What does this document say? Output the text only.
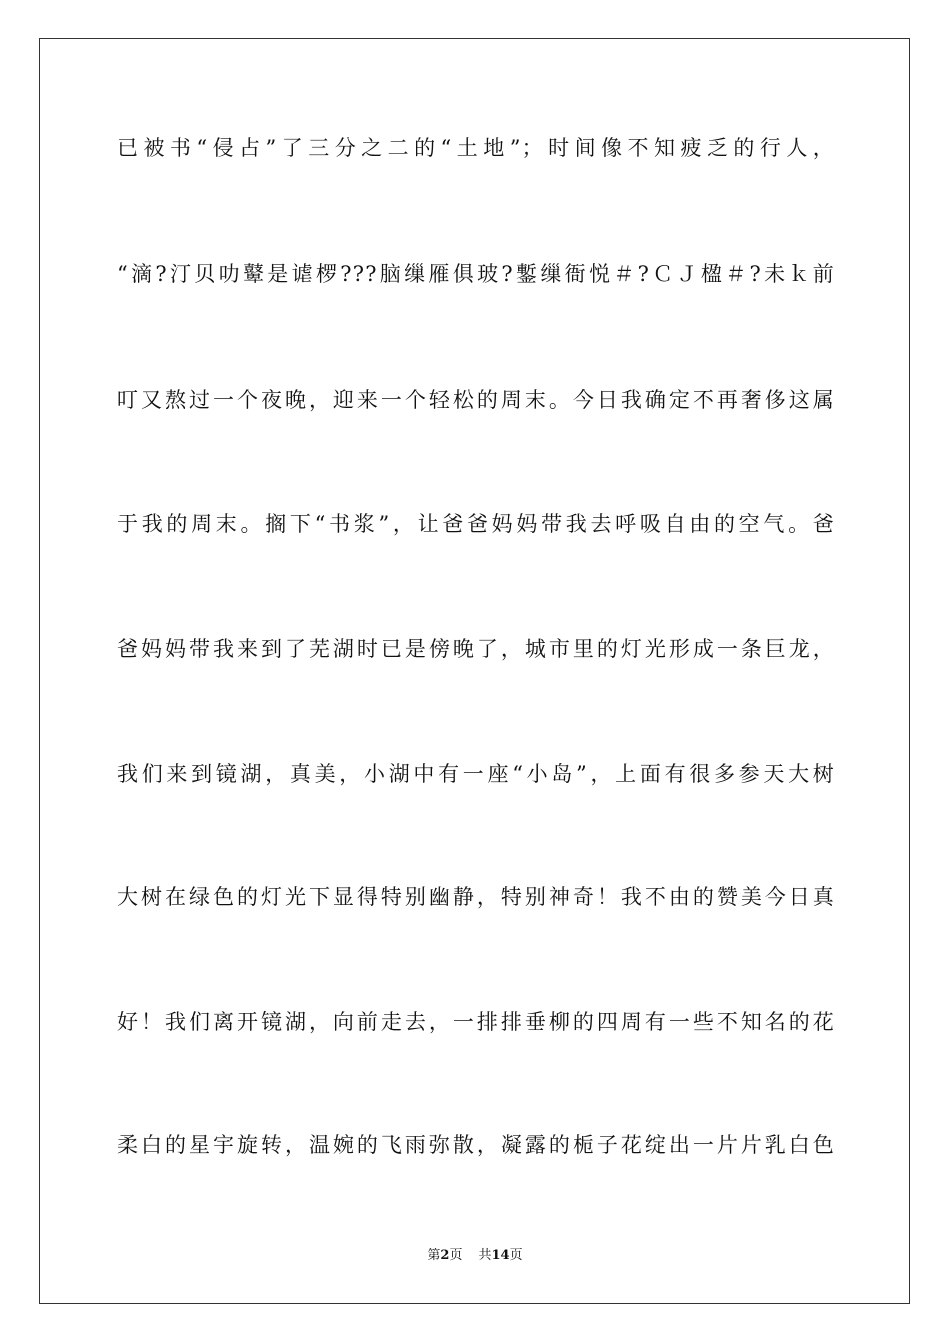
已被书“侵占”了三分之二的“土地”；时间像不知疲乏的行人，
“滴?汀贝叻鼙是谑椤???脑缫雁俱玻?鏨缫衙悦＃?ＣＪ楹＃?未ｋ前
叮又熬过一个夜晚，迎来一个轻松的周末。今日我确定不再奢侈这属
于我的周末。搁下“书浆”，让爸爸妈妈带我去呼吸自由的空气。爸
爸妈妈带我来到了芜湖时已是傍晚了，城市里的灯光形成一条巨龙，
我们来到镜湖，真美，小湖中有一座“小岛”，上面有很多参天大树
大树在绿色的灯光下显得特别幽静，特别神奇！我不由的赞美今日真
好！我们离开镜湖，向前走去，一排排垂柳的四周有一些不知名的花
柔白的星宇旋转，温婉的飞雨弥散，凝露的栀子花绽出一片片乳白色
第2页 共14页
